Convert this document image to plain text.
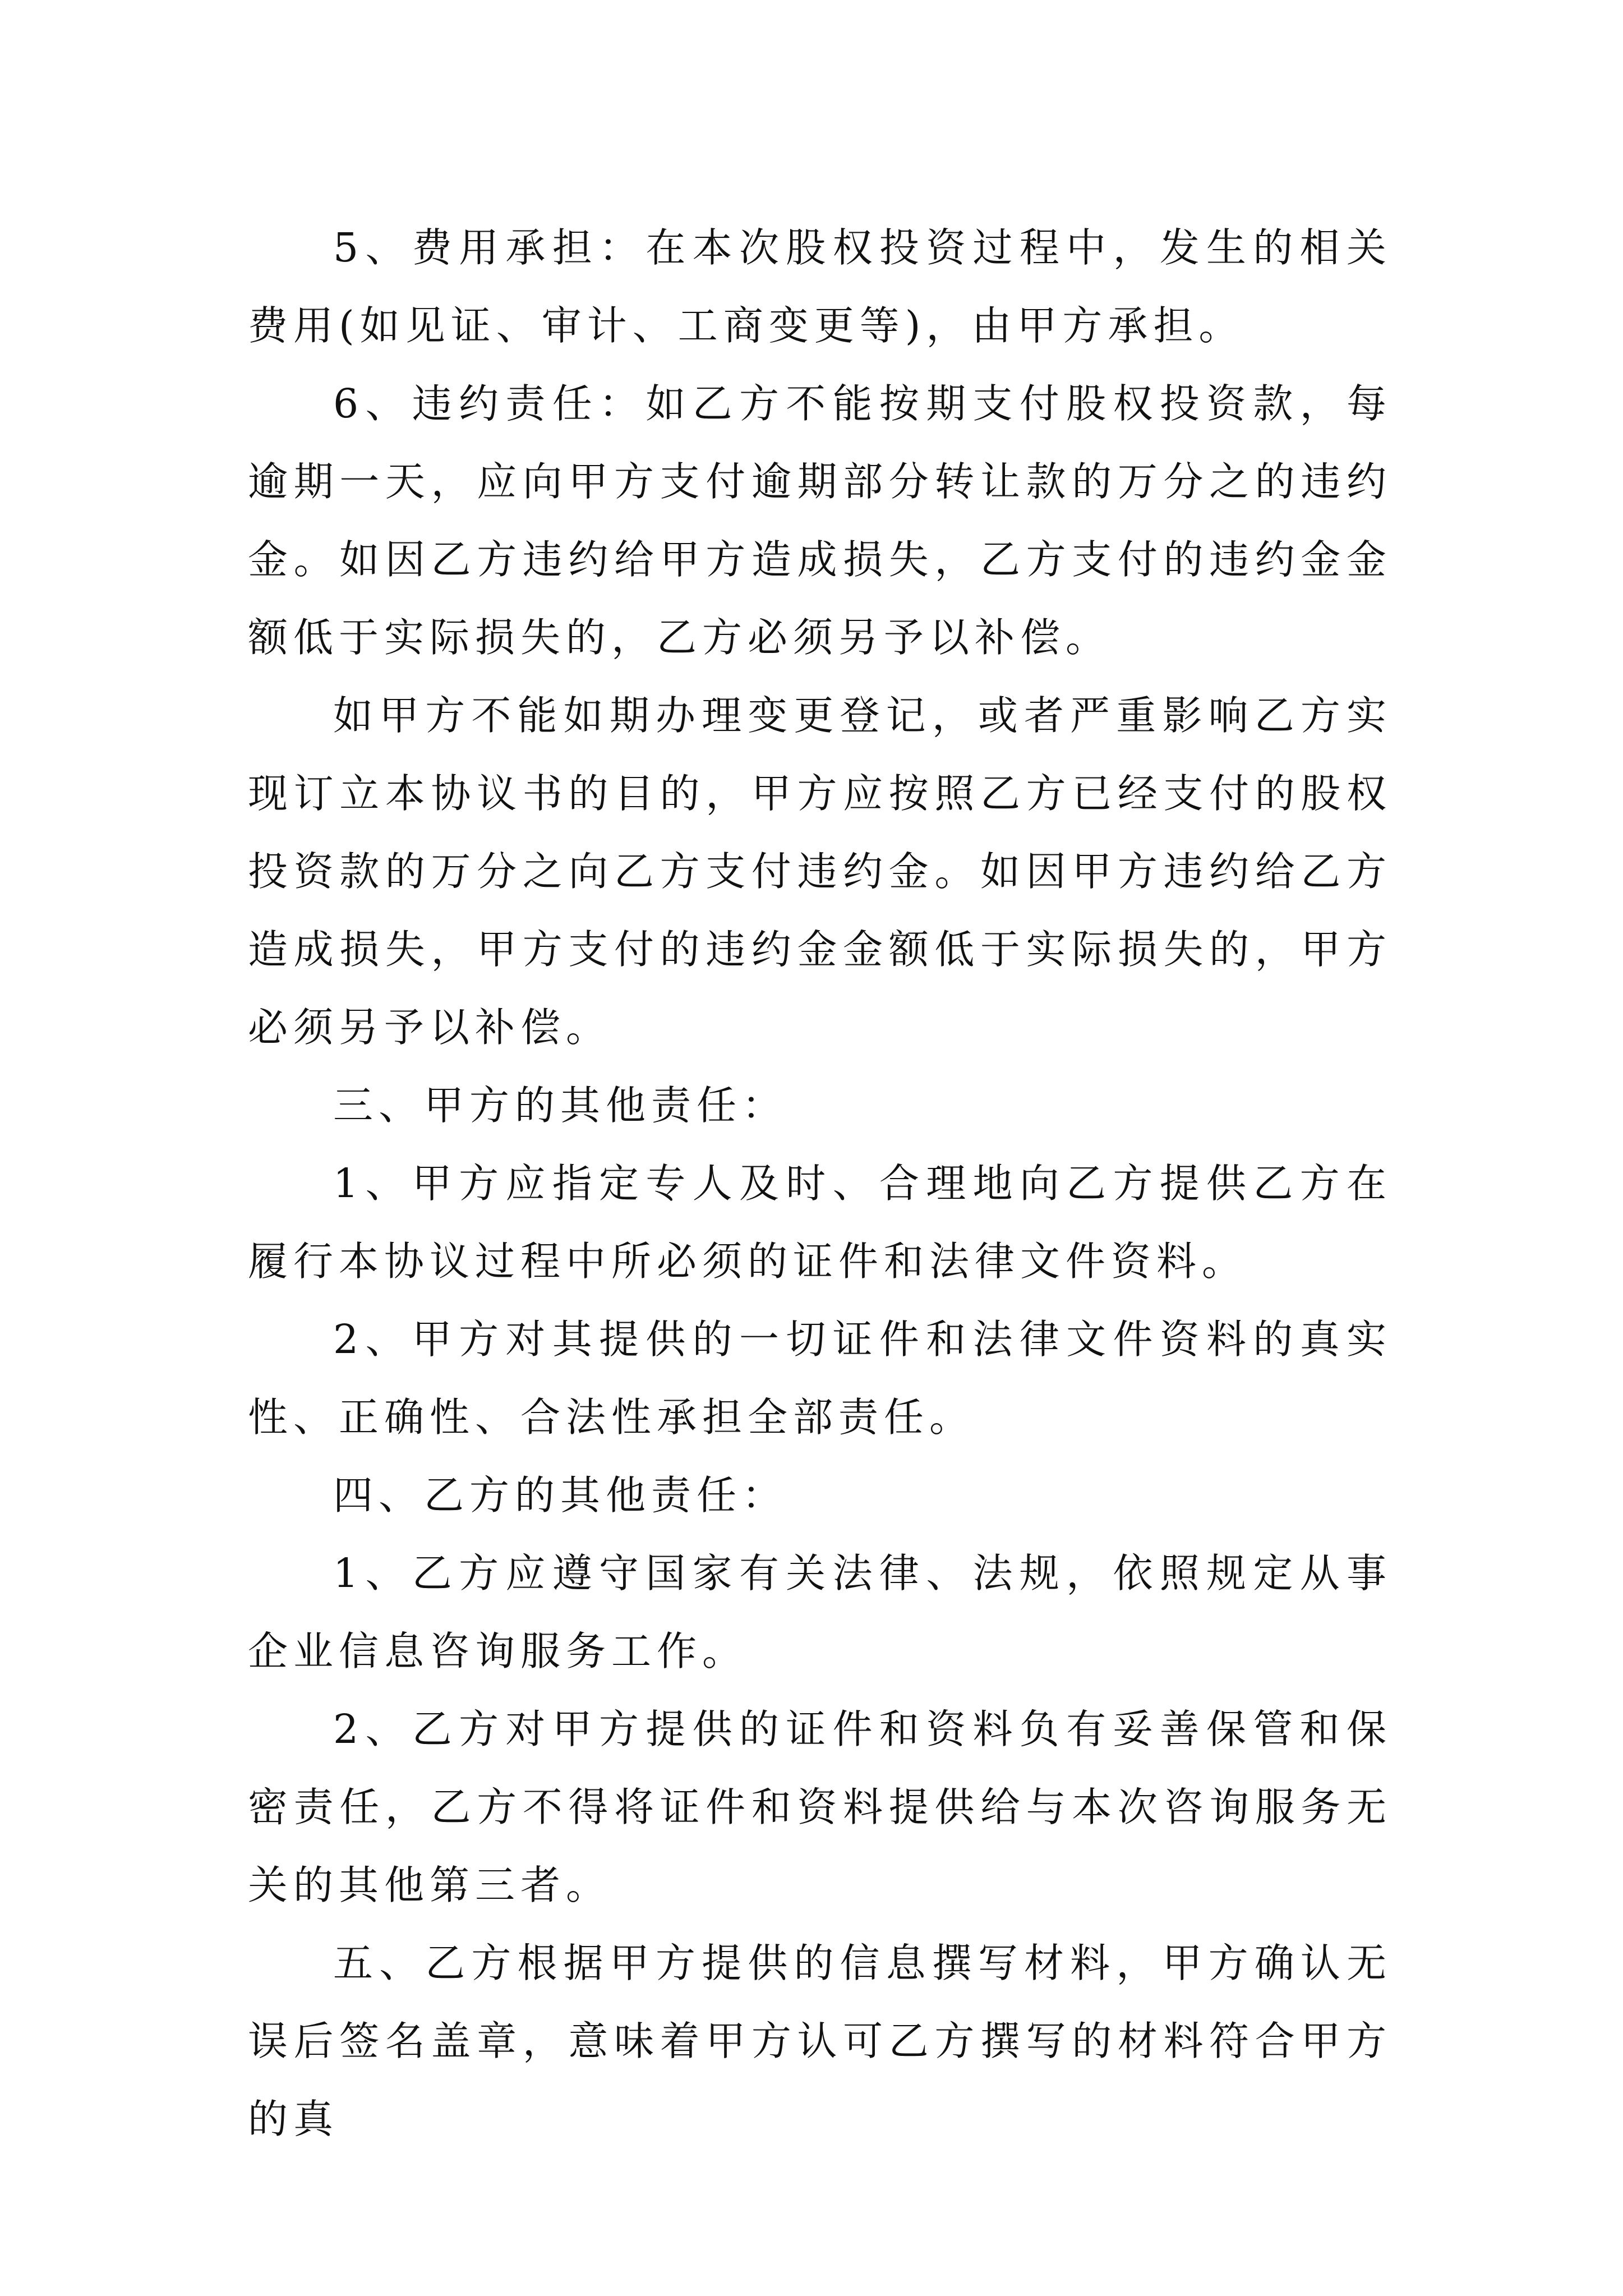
5、费用承担：在本次股权投资过程中，发生的相关费用(如见证、审计、工商变更等)，由甲方承担。

6、违约责任：如乙方不能按期支付股权投资款，每逾期一天，应向甲方支付逾期部分转让款的万分之的违约金。如因乙方违约给甲方造成损失，乙方支付的违约金金额低于实际损失的，乙方必须另予以补偿。

如甲方不能如期办理变更登记，或者严重影响乙方实现订立本协议书的目的，甲方应按照乙方已经支付的股权投资款的万分之向乙方支付违约金。如因甲方违约给乙方造成损失，甲方支付的违约金金额低于实际损失的，甲方必须另予以补偿。

三、甲方的其他责任：

1、甲方应指定专人及时、合理地向乙方提供乙方在履行本协议过程中所必须的证件和法律文件资料。

2、甲方对其提供的一切证件和法律文件资料的真实性、正确性、合法性承担全部责任。

四、乙方的其他责任：

1、乙方应遵守国家有关法律、法规，依照规定从事企业信息咨询服务工作。

2、乙方对甲方提供的证件和资料负有妥善保管和保密责任，乙方不得将证件和资料提供给与本次咨询服务无关的其他第三者。

五、乙方根据甲方提供的信息撰写材料，甲方确认无误后签名盖章，意味着甲方认可乙方撰写的材料符合甲方的真
